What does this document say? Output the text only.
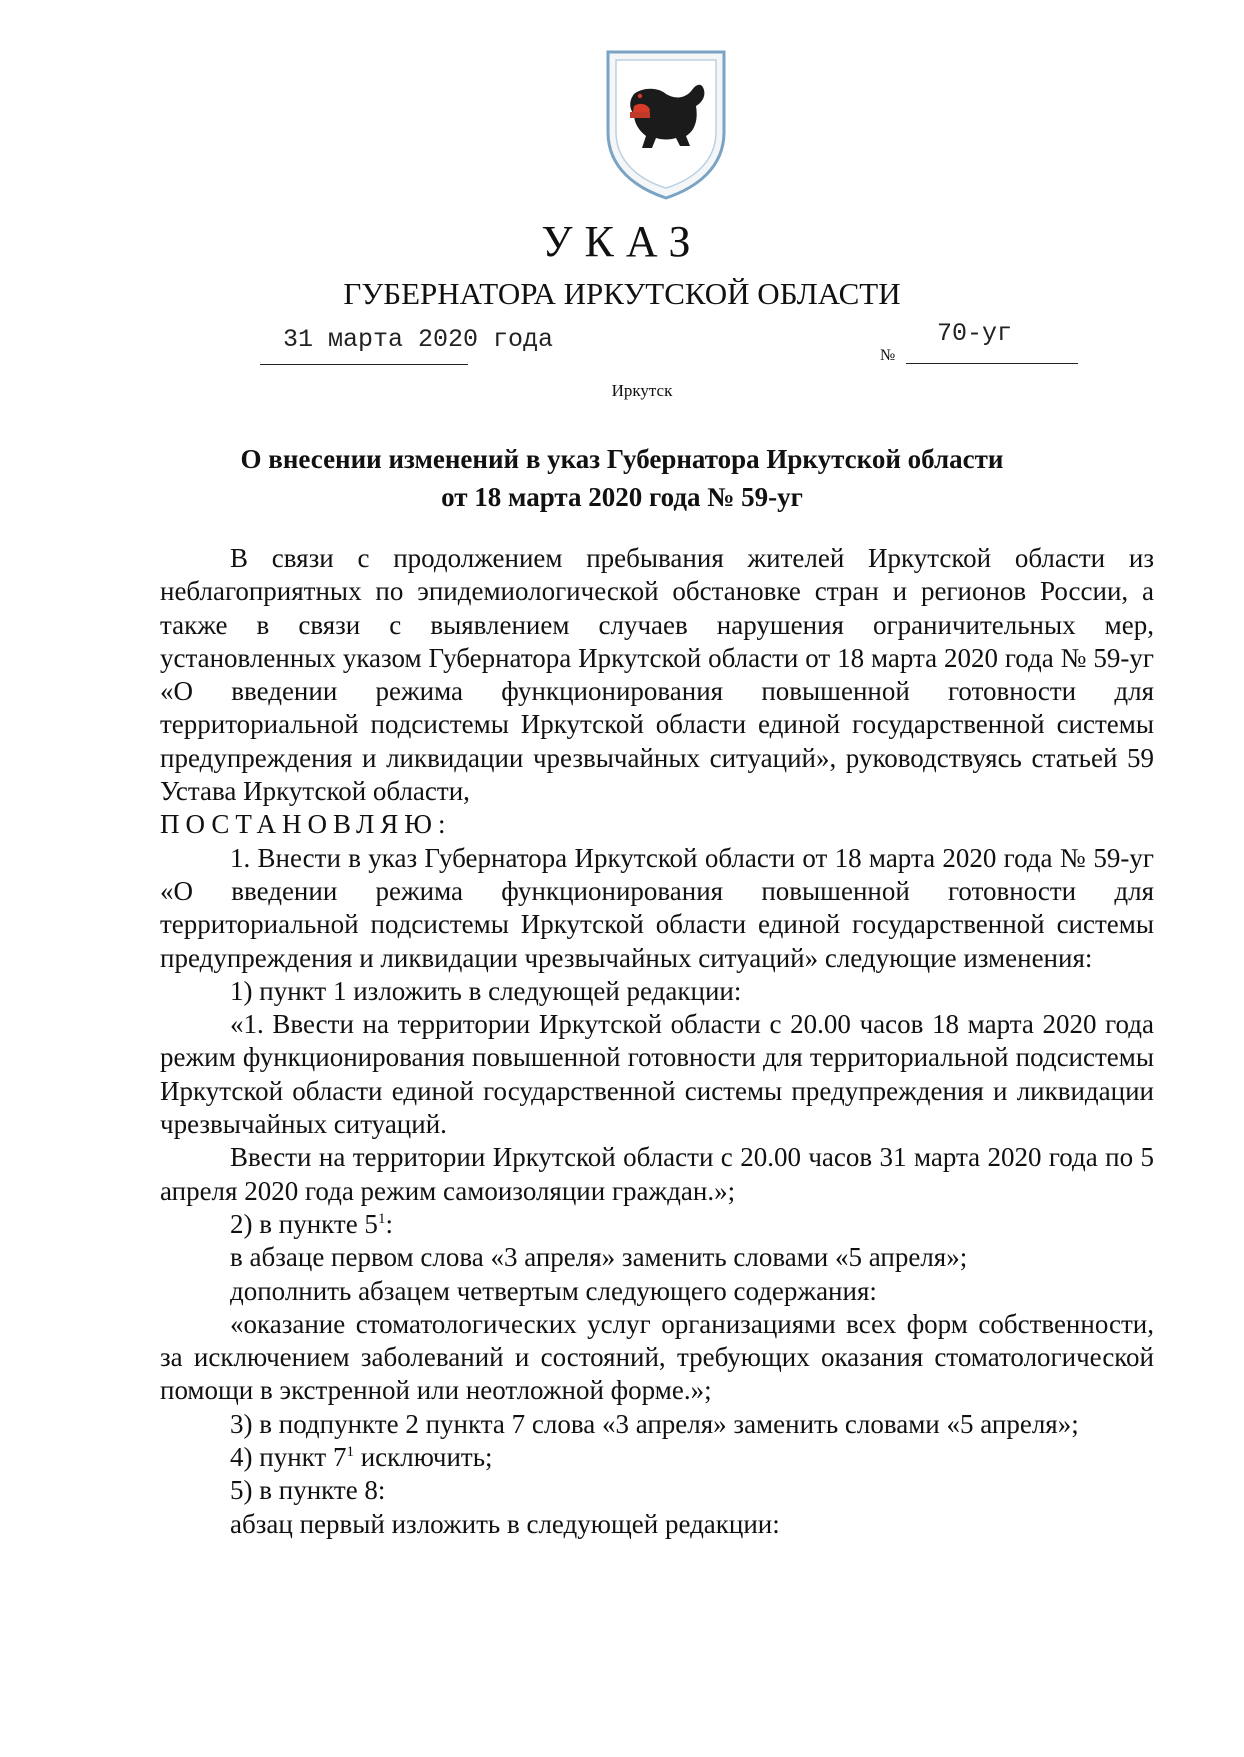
УКАЗ
ГУБЕРНАТОРА ИРКУТСКОЙ ОБЛАСТИ
31 марта 2020 года
№
70-уг
Иркутск
О внесении изменений в указ Губернатора Иркутской области
от 18 марта 2020 года № 59-уг

В связи с продолжением пребывания жителей Иркутской области из неблагоприятных по эпидемиологической обстановке стран и регионов России, а также в связи с выявлением случаев нарушения ограничительных мер, установленных указом Губернатора Иркутской области от 18 марта 2020 года № 59-уг «О введении режима функционирования повышенной готовности для территориальной подсистемы Иркутской области единой государственной системы предупреждения и ликвидации чрезвычайных ситуаций», руководствуясь статьей 59 Устава Иркутской области,

ПОСТАНОВЛЯЮ:

1. Внести в указ Губернатора Иркутской области от 18 марта 2020 года № 59-уг «О введении режима функционирования повышенной готовности для территориальной подсистемы Иркутской области единой государственной системы предупреждения и ликвидации чрезвычайных ситуаций» следующие изменения:

1) пункт 1 изложить в следующей редакции:

«1. Ввести на территории Иркутской области с 20.00 часов 18 марта 2020 года режим функционирования повышенной готовности для территориальной подсистемы Иркутской области единой государственной системы предупреждения и ликвидации чрезвычайных ситуаций.

Ввести на территории Иркутской области с 20.00 часов 31 марта 2020 года по 5 апреля 2020 года режим самоизоляции граждан.»;

2) в пункте $5^1$:

в абзаце первом слова «3 апреля» заменить словами «5 апреля»;

дополнить абзацем четвертым следующего содержания:

«оказание стоматологических услуг организациями всех форм собственности, за исключением заболеваний и состояний, требующих оказания стоматологической помощи в экстренной или неотложной форме.»;

3) в подпункте 2 пункта 7 слова «3 апреля» заменить словами «5 апреля»;

4) пункт $7^1$ исключить;

5) в пункте 8:

абзац первый изложить в следующей редакции:
